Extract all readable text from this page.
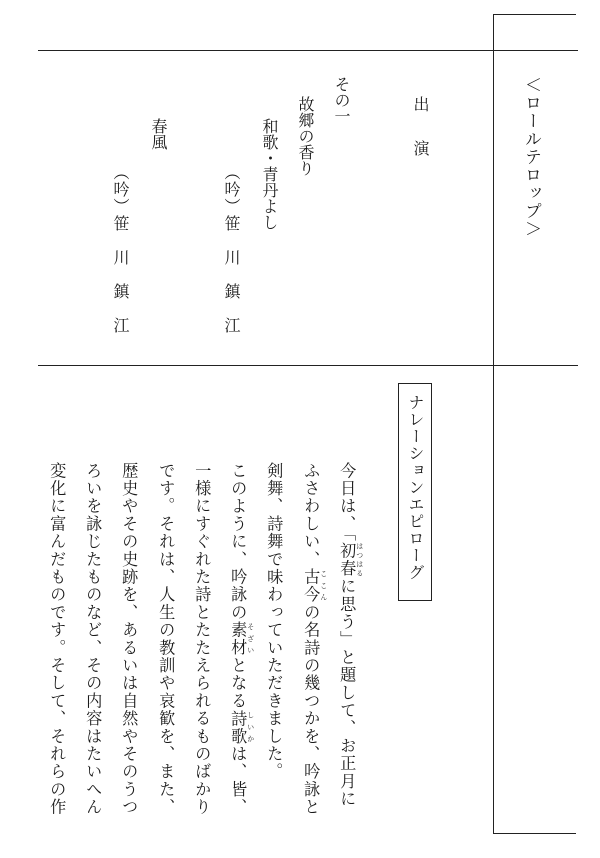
＜ロールテロップ＞
出　演
その一
故郷の香り
和歌・青丹よし
（吟）笹　川　鎮　江
春風
（吟）笹　川　鎮　江
ナレーションエピローグ
今日は、「初春 はつはるに思う」と題して、お正月に
ふさわしい、古今 ここんの名詩の幾つかを、吟詠と
剣舞、詩舞で味わっていただきました。
このように、吟詠の素材 そざいとなる詩歌 しいかは、皆、
一様にすぐれた詩とたたえられるものばかり
です。それは、人生の教訓や哀歓を、また、
歴史やその史跡を、あるいは自然やそのうつ
ろいを詠じたものなど、その内容はたいへん
変化に富んだものです。そして、それらの作
